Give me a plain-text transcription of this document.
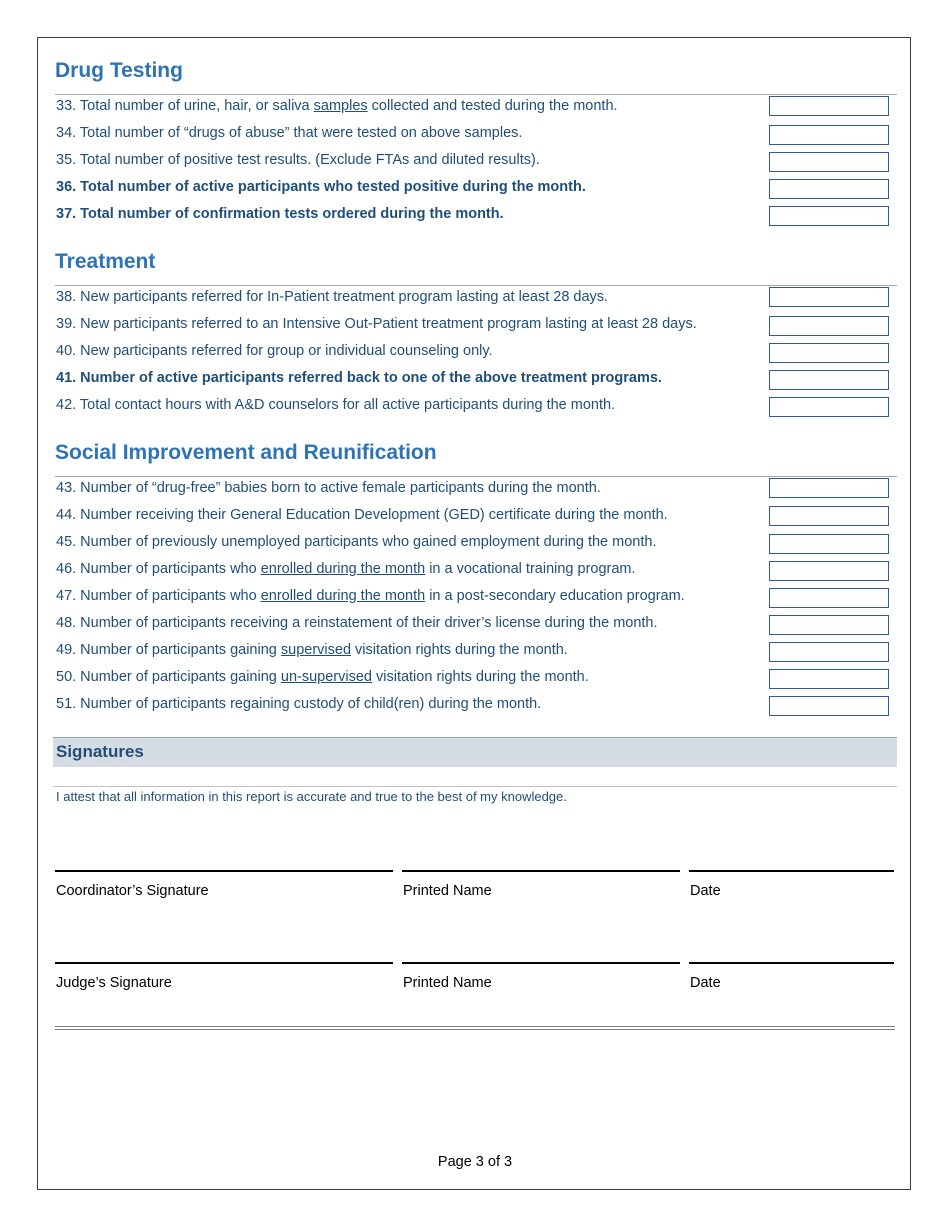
Drug Testing
33. Total number of urine, hair, or saliva samples collected and tested during the month.
34. Total number of “drugs of abuse” that were tested on above samples.
35. Total number of positive test results. (Exclude FTAs and diluted results).
36. Total number of active participants who tested positive during the month.
37. Total number of confirmation tests ordered during the month.
Treatment
38. New participants referred for In-Patient treatment program lasting at least 28 days.
39. New participants referred to an Intensive Out-Patient treatment program lasting at least 28 days.
40. New participants referred for group or individual counseling only.
41. Number of active participants referred back to one of the above treatment programs.
42. Total contact hours with A&D counselors for all active participants during the month.
Social Improvement and Reunification
43. Number of “drug-free” babies born to active female participants during the month.
44. Number receiving their General Education Development (GED) certificate during the month.
45. Number of previously unemployed participants who gained employment during the month.
46. Number of participants who enrolled during the month in a vocational training program.
47. Number of participants who enrolled during the month in a post-secondary education program.
48. Number of participants receiving a reinstatement of their driver’s license during the month.
49. Number of participants gaining supervised visitation rights during the month.
50. Number of participants gaining un-supervised visitation rights during the month.
51. Number of participants regaining custody of child(ren) during the month.
Signatures
I attest that all information in this report is accurate and true to the best of my knowledge.
Coordinator’s Signature	Printed Name	Date
Judge’s Signature	Printed Name	Date
Page 3 of 3
